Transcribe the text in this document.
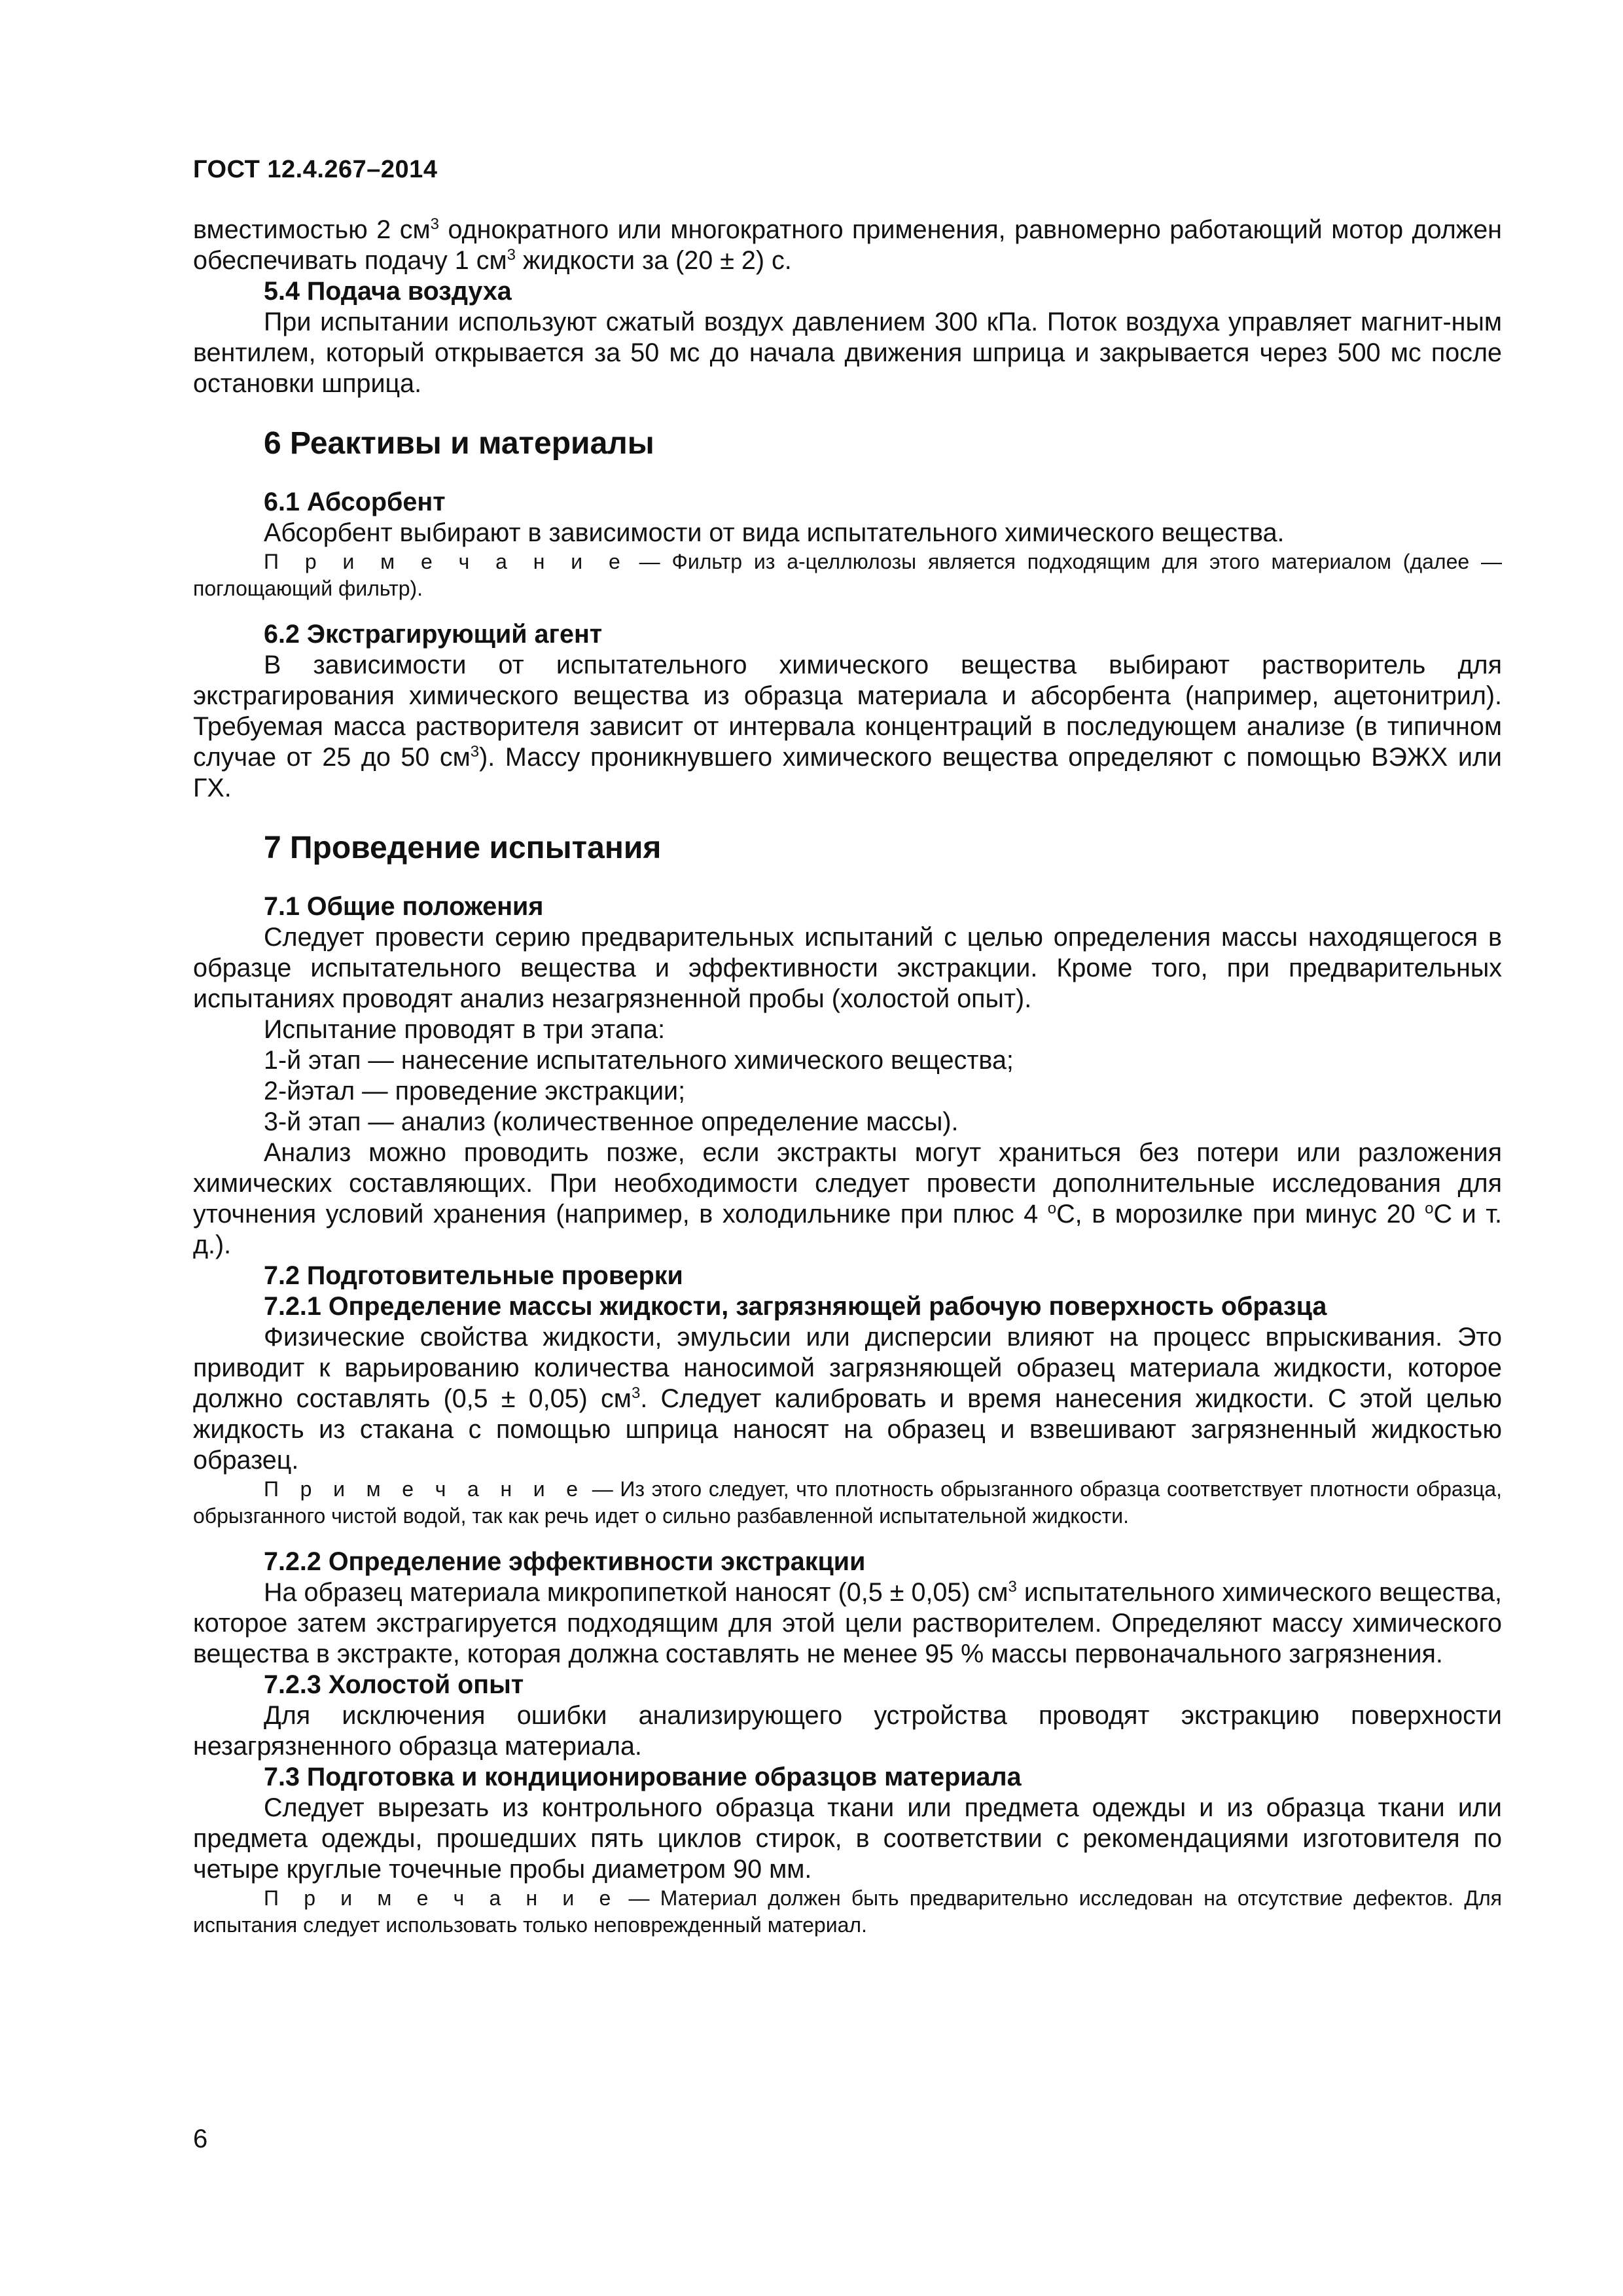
ГОСТ 12.4.267–2014

вместимостью 2 $см^3$ однократного или многократного применения, равномерно работающий мотор должен обеспечивать подачу 1 $см^3$ жидкости за (20 ± 2) с.

5.4 Подача воздуха

При испытании используют сжатый воздух давлением 300 кПа. Поток воздуха управляет магнит-ным вентилем, который открывается за 50 мс до начала движения шприца и закрывается через 500 мс после остановки шприца.

6 Реактивы и материалы

6.1 Абсорбент

Абсорбент выбирают в зависимости от вида испытательного химического вещества.

П р и м е ч а н и е — Фильтр из a-целлюлозы является подходящим для этого материалом (далее — поглощающий фильтр).

6.2 Экстрагирующий агент

В зависимости от испытательного химического вещества выбирают растворитель для экстрагирования химического вещества из образца материала и абсорбента (например, ацетонитрил). Требуемая масса растворителя зависит от интервала концентраций в последующем анализе (в типичном случае от 25 до 50 $см^3$). Массу проникнувшего химического вещества определяют с помощью ВЭЖХ или ГХ.

7 Проведение испытания

7.1 Общие положения

Следует провести серию предварительных испытаний с целью определения массы находящегося в образце испытательного вещества и эффективности экстракции. Кроме того, при предварительных испытаниях проводят анализ незагрязненной пробы (холостой опыт).

Испытание проводят в три этапа:

1-й этап — нанесение испытательного химического вещества;

2-йэтал — проведение экстракции;

3-й этап — анализ (количественное определение массы).

Анализ можно проводить позже, если экстракты могут храниться без потери или разложения химических составляющих. При необходимости следует провести дополнительные исследования для уточнения условий хранения (например, в холодильнике при плюс 4 $^о$С, в морозилке при минус 20 $^о$С и т. д.).

7.2 Подготовительные проверки

7.2.1 Определение массы жидкости, загрязняющей рабочую поверхность образца

Физические свойства жидкости, эмульсии или дисперсии влияют на процесс впрыскивания. Это приводит к варьированию количества наносимой загрязняющей образец материала жидкости, которое должно составлять (0,5 ± 0,05) $см^3$. Следует калибровать и время нанесения жидкости. С этой целью жидкость из стакана с помощью шприца наносят на образец и взвешивают загрязненный жидкостью образец.

П р и м е ч а н и е — Из этого следует, что плотность обрызганного образца соответствует плотности образца, обрызганного чистой водой, так как речь идет о сильно разбавленной испытательной жидкости.

7.2.2 Определение эффективности экстракции

На образец материала микропипеткой наносят (0,5 ± 0,05) $см^3$ испытательного химического вещества, которое затем экстрагируется подходящим для этой цели растворителем. Определяют массу химического вещества в экстракте, которая должна составлять не менее 95 % массы первоначального загрязнения.

7.2.3 Холостой опыт

Для исключения ошибки анализирующего устройства проводят экстракцию поверхности незагрязненного образца материала.

7.3 Подготовка и кондиционирование образцов материала

Следует вырезать из контрольного образца ткани или предмета одежды и из образца ткани или предмета одежды, прошедших пять циклов стирок, в соответствии с рекомендациями изготовителя по четыре круглые точечные пробы диаметром 90 мм.

П р и м е ч а н и е — Материал должен быть предварительно исследован на отсутствие дефектов. Для испытания следует использовать только неповрежденный материал.

6
